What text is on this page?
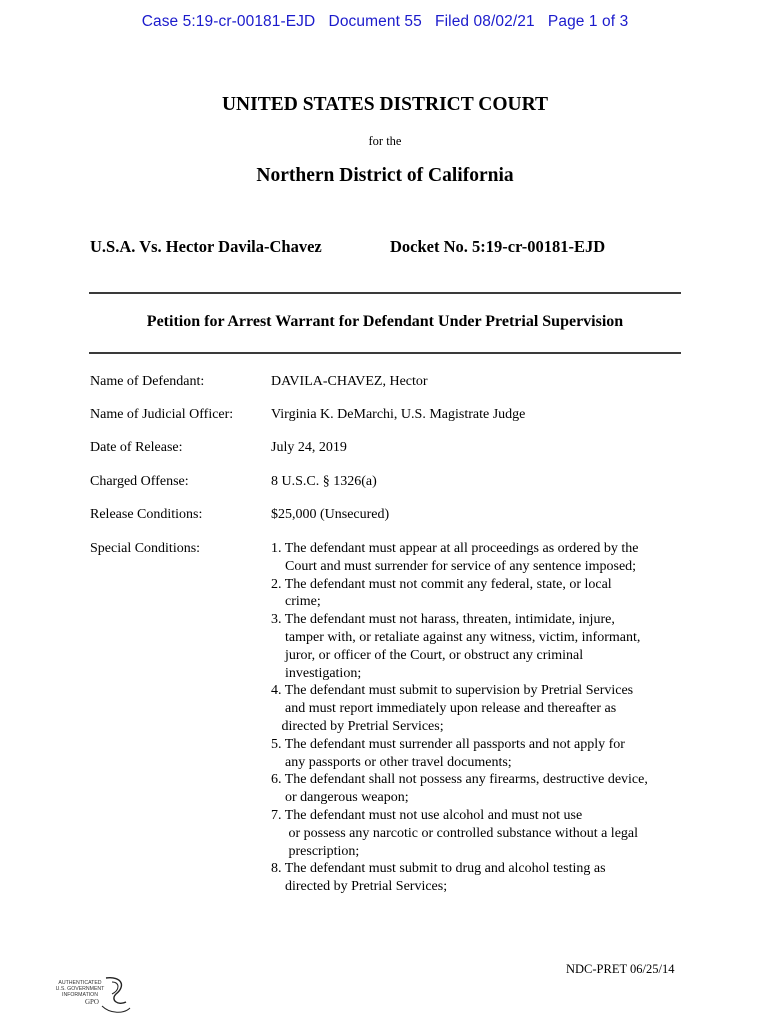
Case 5:19-cr-00181-EJD   Document 55   Filed 08/02/21   Page 1 of 3
UNITED STATES DISTRICT COURT
for the
Northern District of California
U.S.A. Vs. Hector Davila-Chavez	Docket No. 5:19-cr-00181-EJD
Petition for Arrest Warrant for Defendant Under Pretrial Supervision
Name of Defendant:	DAVILA-CHAVEZ, Hector
Name of Judicial Officer:	Virginia K. DeMarchi, U.S. Magistrate Judge
Date of Release:	July 24, 2019
Charged Offense:	8 U.S.C. § 1326(a)
Release Conditions:	$25,000 (Unsecured)
Special Conditions:	1. The defendant must appear at all proceedings as ordered by the
Court and must surrender for service of any sentence imposed;
2. The defendant must not commit any federal, state, or local
crime;
3. The defendant must not harass, threaten, intimidate, injure,
tamper with, or retaliate against any witness, victim, informant,
juror, or officer of the Court, or obstruct any criminal
investigation;
4. The defendant must submit to supervision by Pretrial Services
and must report immediately upon release and thereafter as
directed by Pretrial Services;
5. The defendant must surrender all passports and not apply for
any passports or other travel documents;
6. The defendant shall not possess any firearms, destructive device,
or dangerous weapon;
7. The defendant must not use alcohol and must not use
or possess any narcotic or controlled substance without a legal
prescription;
8. The defendant must submit to drug and alcohol testing as
directed by Pretrial Services;
NDC-PRET 06/25/14
AUTHENTICATED
U.S. GOVERNMENT
INFORMATION
GPO
